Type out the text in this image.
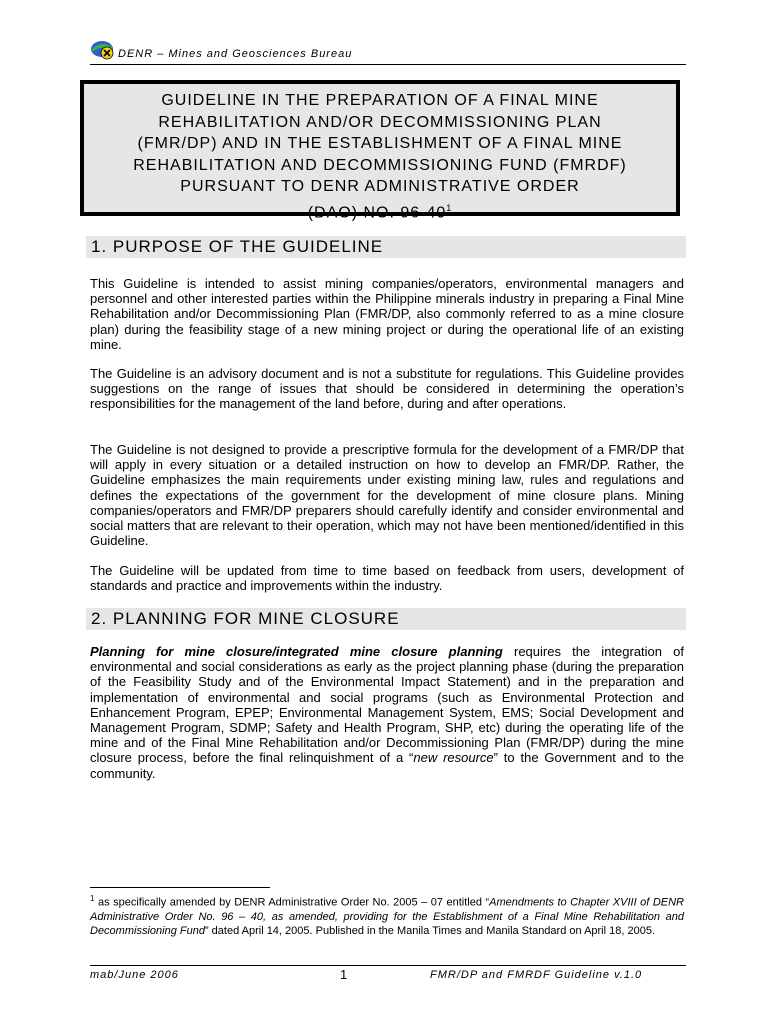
DENR – Mines and Geosciences Bureau
GUIDELINE IN THE PREPARATION OF A FINAL MINE
REHABILITATION AND/OR DECOMMISSIONING PLAN
(FMR/DP) AND IN THE ESTABLISHMENT OF A FINAL MINE
REHABILITATION AND DECOMMISSIONING FUND (FMRDF)
PURSUANT TO DENR ADMINISTRATIVE ORDER
(DAO) NO. $96-40^1$
1. PURPOSE OF THE GUIDELINE
This Guideline is intended to assist mining companies/operators, environmental managers and personnel and other interested parties within the Philippine minerals industry in preparing a Final Mine Rehabilitation and/or Decommissioning Plan (FMR/DP, also commonly referred to as a mine closure plan) during the feasibility stage of a new mining project or during the operational life of an existing mine.
The Guideline is an advisory document and is not a substitute for regulations. This Guideline provides suggestions on the range of issues that should be considered in determining the operation’s responsibilities for the management of the land before, during and after operations.
The Guideline is not designed to provide a prescriptive formula for the development of a FMR/DP that will apply in every situation or a detailed instruction on how to develop an FMR/DP. Rather, the Guideline emphasizes the main requirements under existing mining law, rules and regulations and defines the expectations of the government for the development of mine closure plans. Mining companies/operators and FMR/DP preparers should carefully identify and consider environmental and social matters that are relevant to their operation, which may not have been mentioned/identified in this Guideline.
The Guideline will be updated from time to time based on feedback from users, development of standards and practice and improvements within the industry.
2. PLANNING FOR MINE CLOSURE
Planning for mine closure/integrated mine closure planning requires the integration of environmental and social considerations as early as the project planning phase (during the preparation of the Feasibility Study and of the Environmental Impact Statement) and in the preparation and implementation of environmental and social programs (such as Environmental Protection and Enhancement Program, EPEP; Environmental Management System, EMS; Social Development and Management Program, SDMP; Safety and Health Program, SHP, etc) during the operating life of the mine and of the Final Mine Rehabilitation and/or Decommissioning Plan (FMR/DP) during the mine closure process, before the final relinquishment of a “new resource” to the Government and to the community.
$^1$ as specifically amended by DENR Administrative Order No. 2005 – 07 entitled “Amendments to Chapter XVIII of DENR Administrative Order No. 96 – 40, as amended, providing for the Establishment of a Final Mine Rehabilitation and Decommissioning Fund” dated April 14, 2005. Published in the Manila Times and Manila Standard on April 18, 2005.
mab/June 2006	1	FMR/DP and FMRDF Guideline v.1.0
